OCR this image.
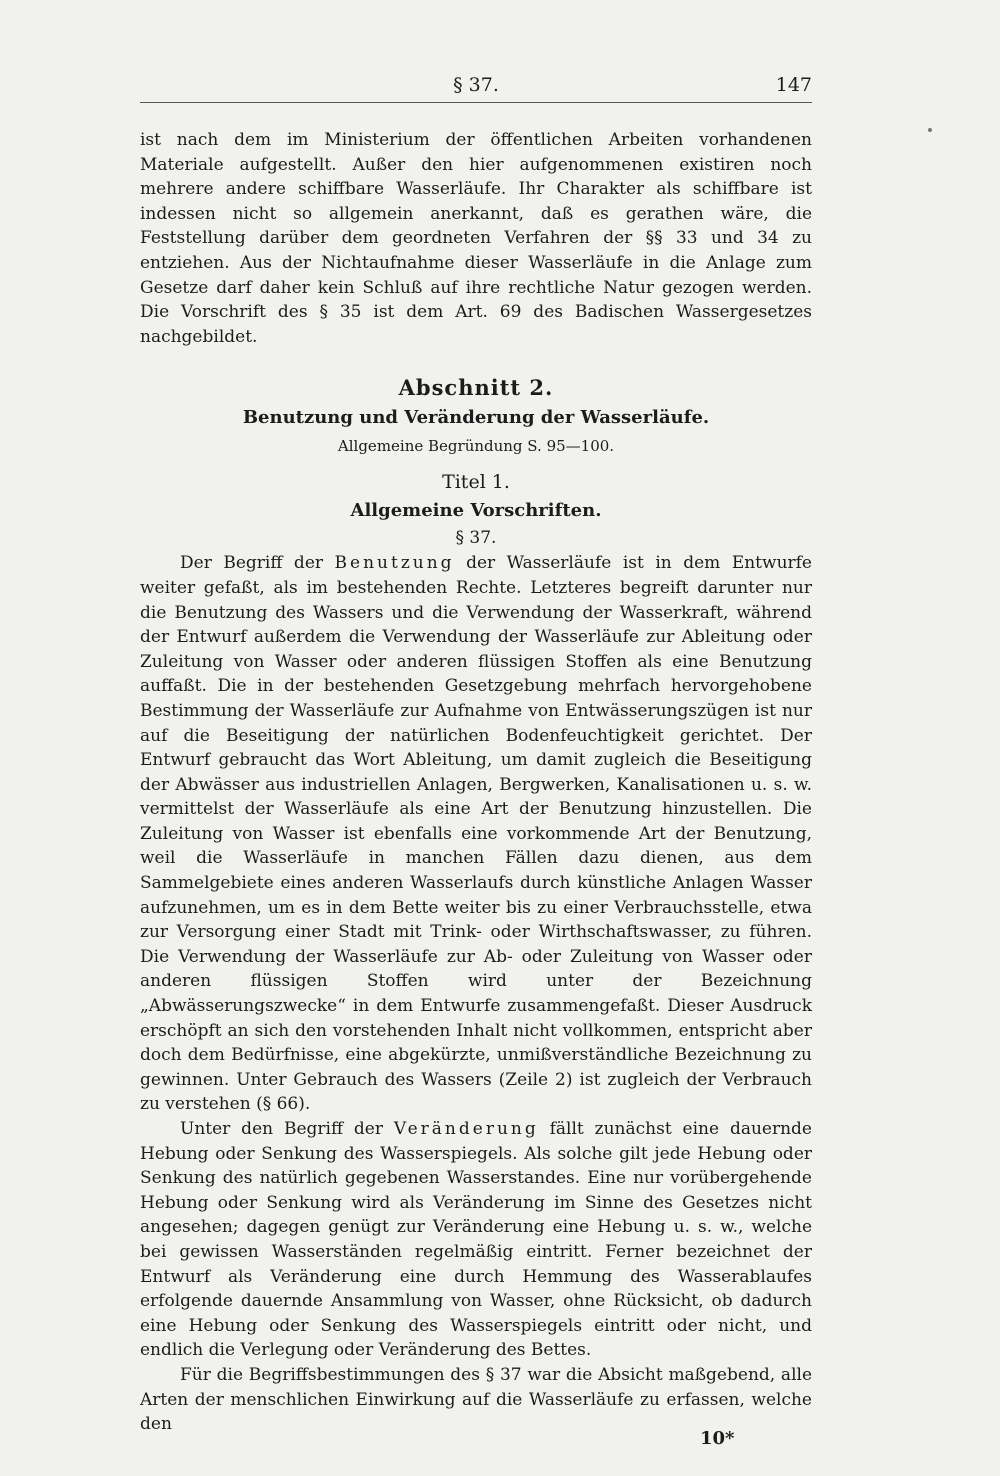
§ 37.	147

ist nach dem im Ministerium der öffentlichen Arbeiten vorhandenen Materiale aufgestellt. Außer den hier aufgenommenen existiren noch mehrere andere schiffbare Wasserläufe. Ihr Charakter als schiffbare ist indessen nicht so allgemein anerkannt, daß es gerathen wäre, die Feststellung darüber dem geordneten Verfahren der §§ 33 und 34 zu entziehen. Aus der Nichtaufnahme dieser Wasserläufe in die Anlage zum Gesetze darf daher kein Schluß auf ihre rechtliche Natur gezogen werden. Die Vorschrift des § 35 ist dem Art. 69 des Badischen Wassergesetzes nachgebildet.

Abschnitt 2.
Benutzung und Veränderung der Wasserläufe.
Allgemeine Begründung S. 95—100.
Titel 1.
Allgemeine Vorschriften.
§ 37.

Der Begriff der Benutzung der Wasserläufe ist in dem Entwurfe weiter gefaßt, als im bestehenden Rechte. Letzteres begreift darunter nur die Benutzung des Wassers und die Verwendung der Wasserkraft, während der Entwurf außerdem die Verwendung der Wasserläufe zur Ableitung oder Zuleitung von Wasser oder anderen flüssigen Stoffen als eine Benutzung auffaßt. Die in der bestehenden Gesetzgebung mehrfach hervorgehobene Bestimmung der Wasserläufe zur Aufnahme von Entwässerungszügen ist nur auf die Beseitigung der natürlichen Bodenfeuchtigkeit gerichtet. Der Entwurf gebraucht das Wort Ableitung, um damit zugleich die Beseitigung der Abwässer aus industriellen Anlagen, Bergwerken, Kanalisationen u. s. w. vermittelst der Wasserläufe als eine Art der Benutzung hinzustellen. Die Zuleitung von Wasser ist ebenfalls eine vorkommende Art der Benutzung, weil die Wasserläufe in manchen Fällen dazu dienen, aus dem Sammelgebiete eines anderen Wasserlaufs durch künstliche Anlagen Wasser aufzunehmen, um es in dem Bette weiter bis zu einer Verbrauchsstelle, etwa zur Versorgung einer Stadt mit Trink- oder Wirthschaftswasser, zu führen. Die Verwendung der Wasserläufe zur Ab- oder Zuleitung von Wasser oder anderen flüssigen Stoffen wird unter der Bezeichnung „Abwässerungszwecke“ in dem Entwurfe zusammengefaßt. Dieser Ausdruck erschöpft an sich den vorstehenden Inhalt nicht vollkommen, entspricht aber doch dem Bedürfnisse, eine abgekürzte, unmißverständliche Bezeichnung zu gewinnen. Unter Gebrauch des Wassers (Zeile 2) ist zugleich der Verbrauch zu verstehen (§ 66).

Unter den Begriff der Veränderung fällt zunächst eine dauernde Hebung oder Senkung des Wasserspiegels. Als solche gilt jede Hebung oder Senkung des natürlich gegebenen Wasserstandes. Eine nur vorübergehende Hebung oder Senkung wird als Veränderung im Sinne des Gesetzes nicht angesehen; dagegen genügt zur Veränderung eine Hebung u. s. w., welche bei gewissen Wasserständen regelmäßig eintritt. Ferner bezeichnet der Entwurf als Veränderung eine durch Hemmung des Wasserablaufes erfolgende dauernde Ansammlung von Wasser, ohne Rücksicht, ob dadurch eine Hebung oder Senkung des Wasserspiegels eintritt oder nicht, und endlich die Verlegung oder Veränderung des Bettes.

Für die Begriffsbestimmungen des § 37 war die Absicht maßgebend, alle Arten der menschlichen Einwirkung auf die Wasserläufe zu erfassen, welche den

10*
